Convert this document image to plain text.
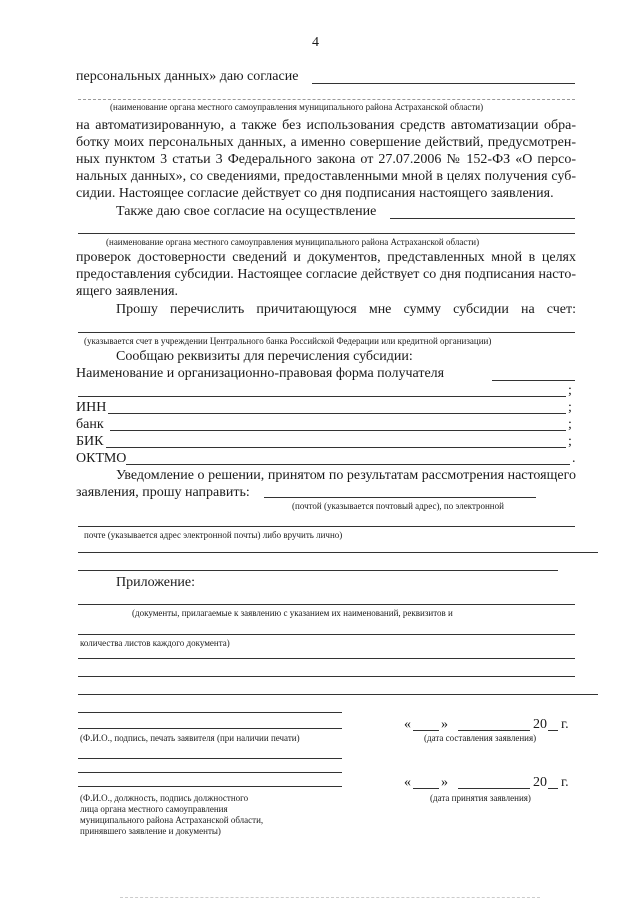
4
персональных данных» даю согласие
(наименование органа местного самоуправления муниципального района Астраханской области)
на автоматизированную, а также без использования средств автоматизации обра-
ботку моих персональных данных, а именно совершение действий, предусмотрен-
ных пунктом 3 статьи 3 Федерального закона от 27.07.2006 № 152-ФЗ «О персо-
нальных данных», со сведениями, предоставленными мной в целях получения суб-
сидии. Настоящее согласие действует со дня подписания настоящего заявления.
Также даю свое согласие на осуществление
(наименование органа местного самоуправления муниципального района Астраханской области)
проверок достоверности сведений и документов, представленных мной в целях
предоставления субсидии. Настоящее согласие действует со дня подписания насто-
ящего заявления.
Прошу перечислить причитающуюся мне сумму субсидии на счет:
(указывается счет в учреждении Центрального банка Российской Федерации или кредитной организации)
Сообщаю реквизиты для перечисления субсидии:
Наименование и организационно-правовая форма получателя
;
ИНН	;
банк	;
БИК	;
ОКТМО	.
Уведомление о решении, принятом по результатам рассмотрения настоящего
заявления, прошу направить:
(почтой (указывается почтовый адрес), по электронной
почте (указывается адрес электронной почты) либо вручить лично)
Приложение:
(документы, прилагаемые к заявлению с указанием их наименований, реквизитов и
количества листов каждого документа)
(Ф.И.О., подпись, печать заявителя (при наличии печати)
« »	20 г.
(дата составления заявления)
(Ф.И.О., должность, подпись должностного
лица органа местного самоуправления
муниципального района Астраханской области,
принявшего заявление и документы)
« »	20 г.
(дата принятия заявления)
